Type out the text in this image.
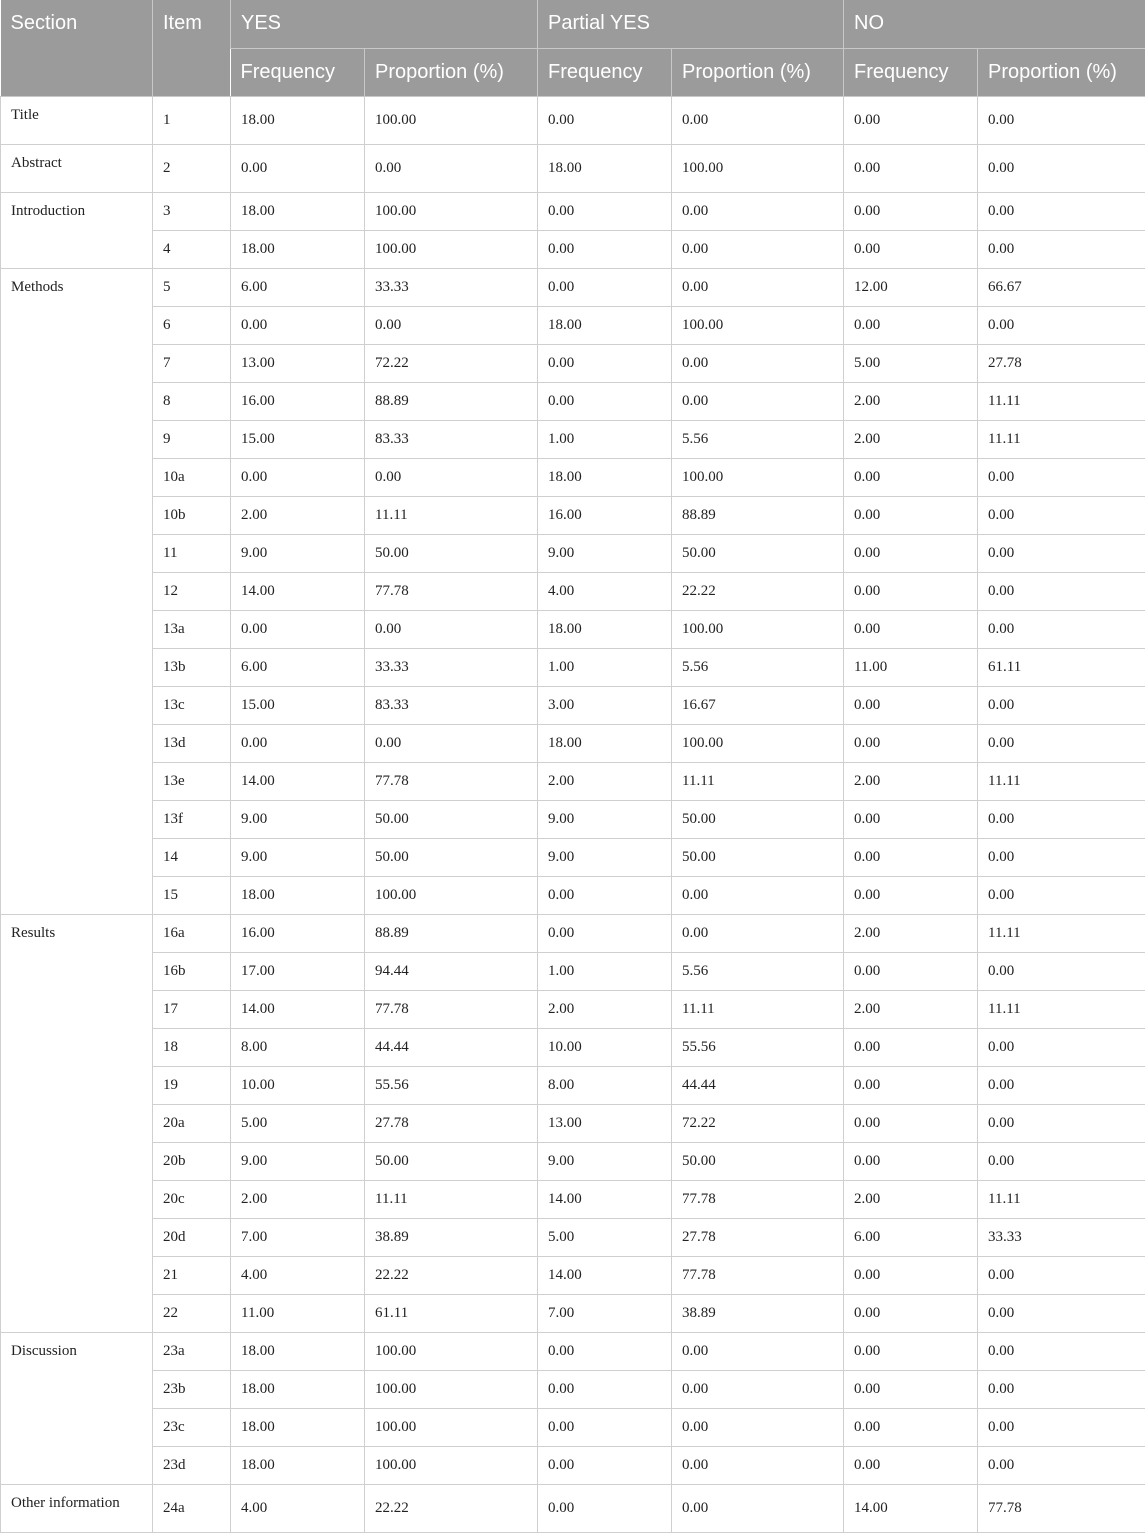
Section	Item	YES		Partial YES		NO	
		Frequency	Proportion (%)	Frequency	Proportion (%)	Frequency	Proportion (%)
Title	1	18.00	100.00	0.00	0.00	0.00	0.00
Abstract	2	0.00	0.00	18.00	100.00	0.00	0.00
Introduction	3	18.00	100.00	0.00	0.00	0.00	0.00
	4	18.00	100.00	0.00	0.00	0.00	0.00
Methods	5	6.00	33.33	0.00	0.00	12.00	66.67
	6	0.00	0.00	18.00	100.00	0.00	0.00
	7	13.00	72.22	0.00	0.00	5.00	27.78
	8	16.00	88.89	0.00	0.00	2.00	11.11
	9	15.00	83.33	1.00	5.56	2.00	11.11
	10a	0.00	0.00	18.00	100.00	0.00	0.00
	10b	2.00	11.11	16.00	88.89	0.00	0.00
	11	9.00	50.00	9.00	50.00	0.00	0.00
	12	14.00	77.78	4.00	22.22	0.00	0.00
	13a	0.00	0.00	18.00	100.00	0.00	0.00
	13b	6.00	33.33	1.00	5.56	11.00	61.11
	13c	15.00	83.33	3.00	16.67	0.00	0.00
	13d	0.00	0.00	18.00	100.00	0.00	0.00
	13e	14.00	77.78	2.00	11.11	2.00	11.11
	13f	9.00	50.00	9.00	50.00	0.00	0.00
	14	9.00	50.00	9.00	50.00	0.00	0.00
	15	18.00	100.00	0.00	0.00	0.00	0.00
Results	16a	16.00	88.89	0.00	0.00	2.00	11.11
	16b	17.00	94.44	1.00	5.56	0.00	0.00
	17	14.00	77.78	2.00	11.11	2.00	11.11
	18	8.00	44.44	10.00	55.56	0.00	0.00
	19	10.00	55.56	8.00	44.44	0.00	0.00
	20a	5.00	27.78	13.00	72.22	0.00	0.00
	20b	9.00	50.00	9.00	50.00	0.00	0.00
	20c	2.00	11.11	14.00	77.78	2.00	11.11
	20d	7.00	38.89	5.00	27.78	6.00	33.33
	21	4.00	22.22	14.00	77.78	0.00	0.00
	22	11.00	61.11	7.00	38.89	0.00	0.00
Discussion	23a	18.00	100.00	0.00	0.00	0.00	0.00
	23b	18.00	100.00	0.00	0.00	0.00	0.00
	23c	18.00	100.00	0.00	0.00	0.00	0.00
	23d	18.00	100.00	0.00	0.00	0.00	0.00
Other information	24a	4.00	22.22	0.00	0.00	14.00	77.78
